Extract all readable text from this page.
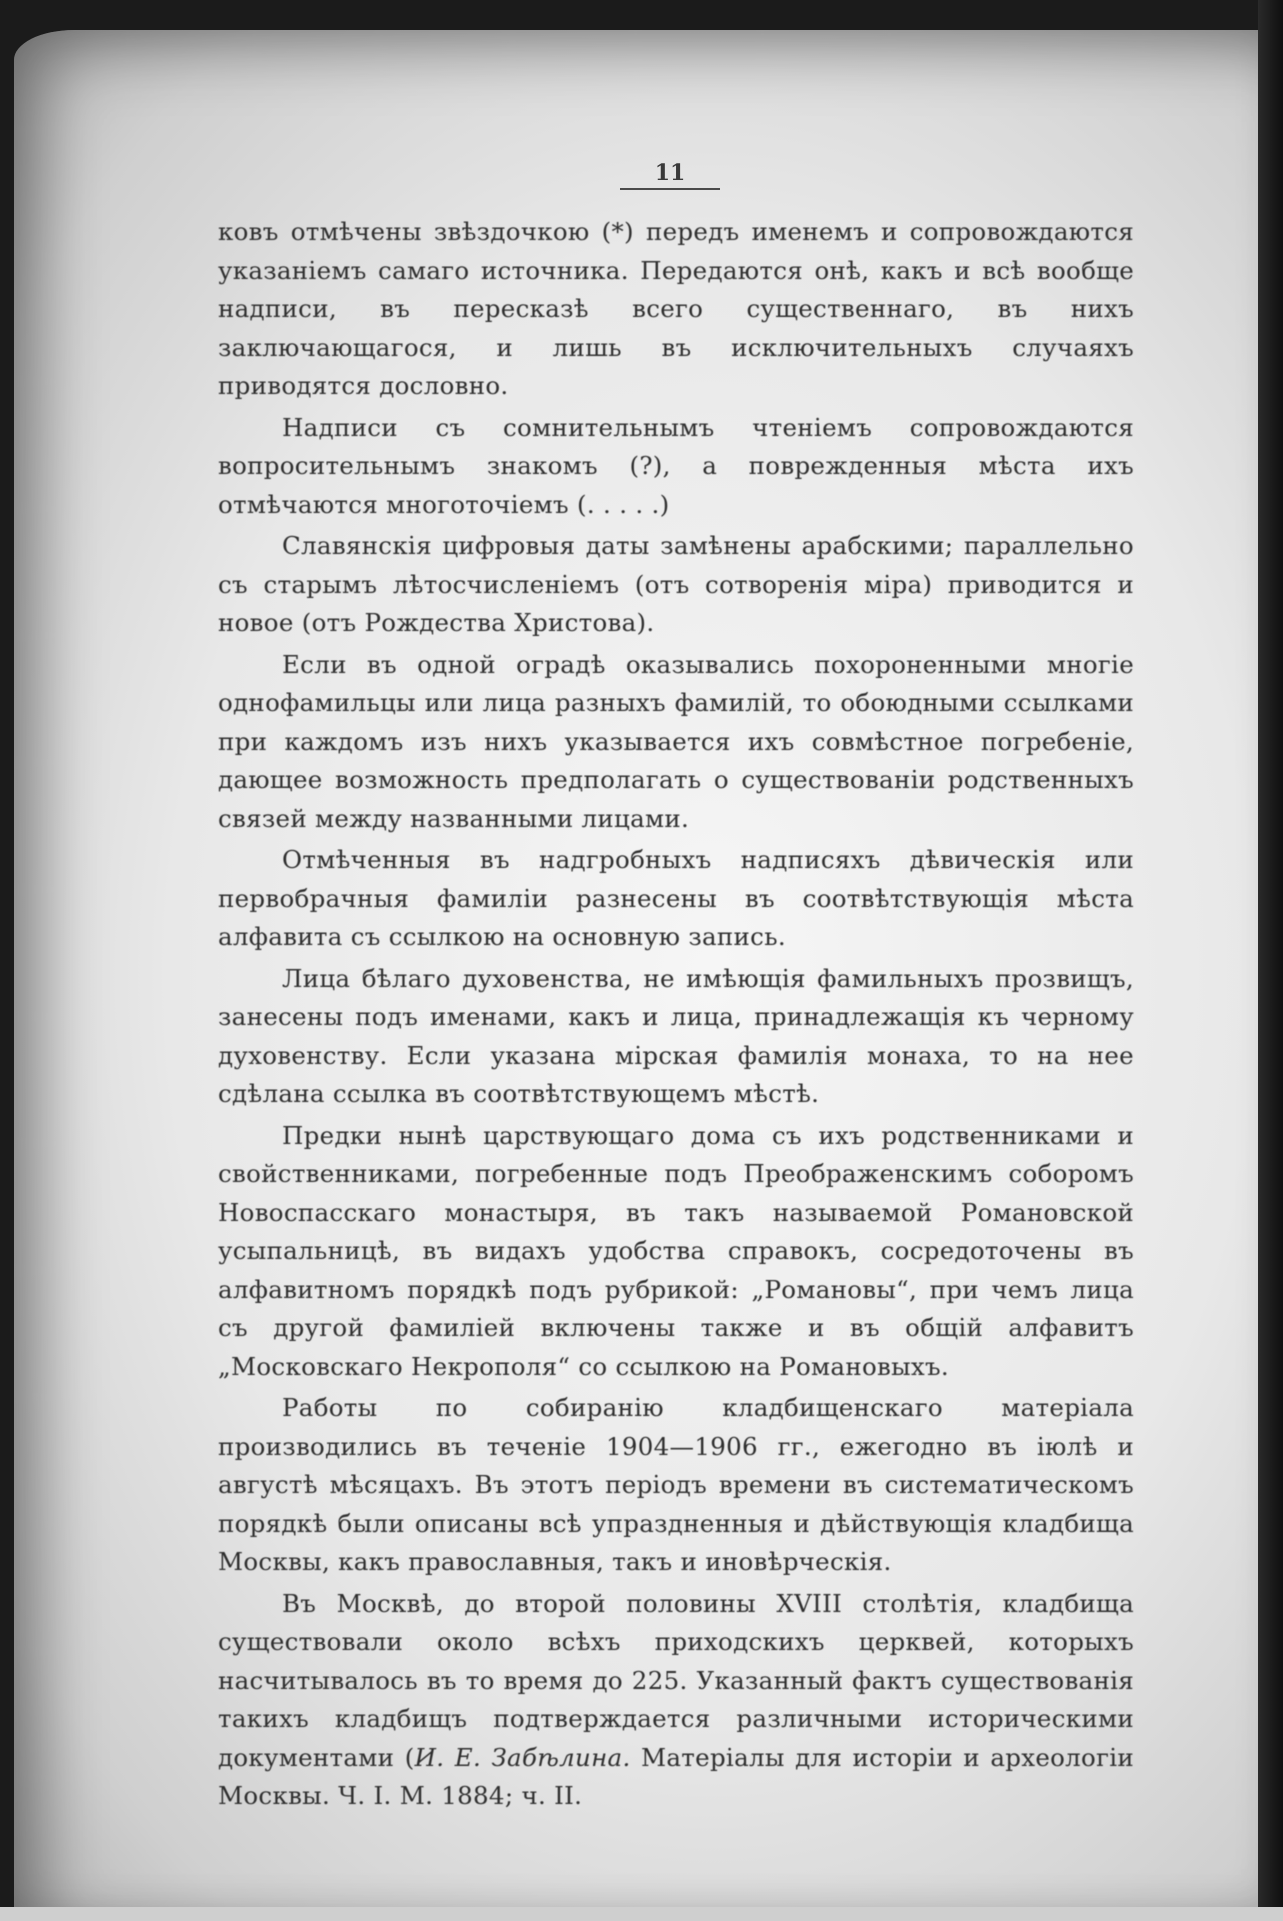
11

ковъ отмѣчены звѣздочкою (*) передъ именемъ и сопровождаются указаніемъ самаго источника. Передаются онѣ, какъ и всѣ вообще надписи, въ пересказѣ всего существеннаго, въ нихъ заключающагося, и лишь въ исключительныхъ случаяхъ приводятся дословно.

Надписи съ сомнительнымъ чтеніемъ сопровождаются вопросительнымъ знакомъ (?), а поврежденныя мѣста ихъ отмѣчаются многоточіемъ (. . . . .)

Славянскія цифровыя даты замѣнены арабскими; параллельно съ старымъ лѣтосчисленіемъ (отъ сотворенія міра) приводится и новое (отъ Рождества Христова).

Если въ одной оградѣ оказывались похороненными многіе однофамильцы или лица разныхъ фамилій, то обоюдными ссылками при каждомъ изъ нихъ указывается ихъ совмѣстное погребеніе, дающее возможность предполагать о существованіи родственныхъ связей между названными лицами.

Отмѣченныя въ надгробныхъ надписяхъ дѣвическія или первобрачныя фамиліи разнесены въ соотвѣтствующія мѣста алфавита съ ссылкою на основную запись.

Лица бѣлаго духовенства, не имѣющія фамильныхъ прозвищъ, занесены подъ именами, какъ и лица, принадлежащія къ черному духовенству. Если указана мірская фамилія монаха, то на нее сдѣлана ссылка въ соотвѣтствующемъ мѣстѣ.

Предки нынѣ царствующаго дома съ ихъ родственниками и свойственниками, погребенные подъ Преображенскимъ соборомъ Новоспасскаго монастыря, въ такъ называемой Романовской усыпальницѣ, въ видахъ удобства справокъ, сосредоточены въ алфавитномъ порядкѣ подъ рубрикой: „Романовы“, при чемъ лица съ другой фамиліей включены также и въ общій алфавитъ „Московскаго Некрополя“ со ссылкою на Романовыхъ.

Работы по собиранію кладбищенскаго матеріала производились въ теченіе 1904—1906 гг., ежегодно въ іюлѣ и августѣ мѣсяцахъ. Въ этотъ періодъ времени въ систематическомъ порядкѣ были описаны всѣ упраздненныя и дѣйствующія кладбища Москвы, какъ православныя, такъ и иновѣрческія.

Въ Москвѣ, до второй половины XVIII столѣтія, кладбища существовали около всѣхъ приходскихъ церквей, которыхъ насчитывалось въ то время до 225. Указанный фактъ существованія такихъ кладбищъ подтверждается различными историческими документами (И. Е. Забѣлина. Матеріалы для исторіи и археологіи Москвы. Ч. I. М. 1884; ч. II.
